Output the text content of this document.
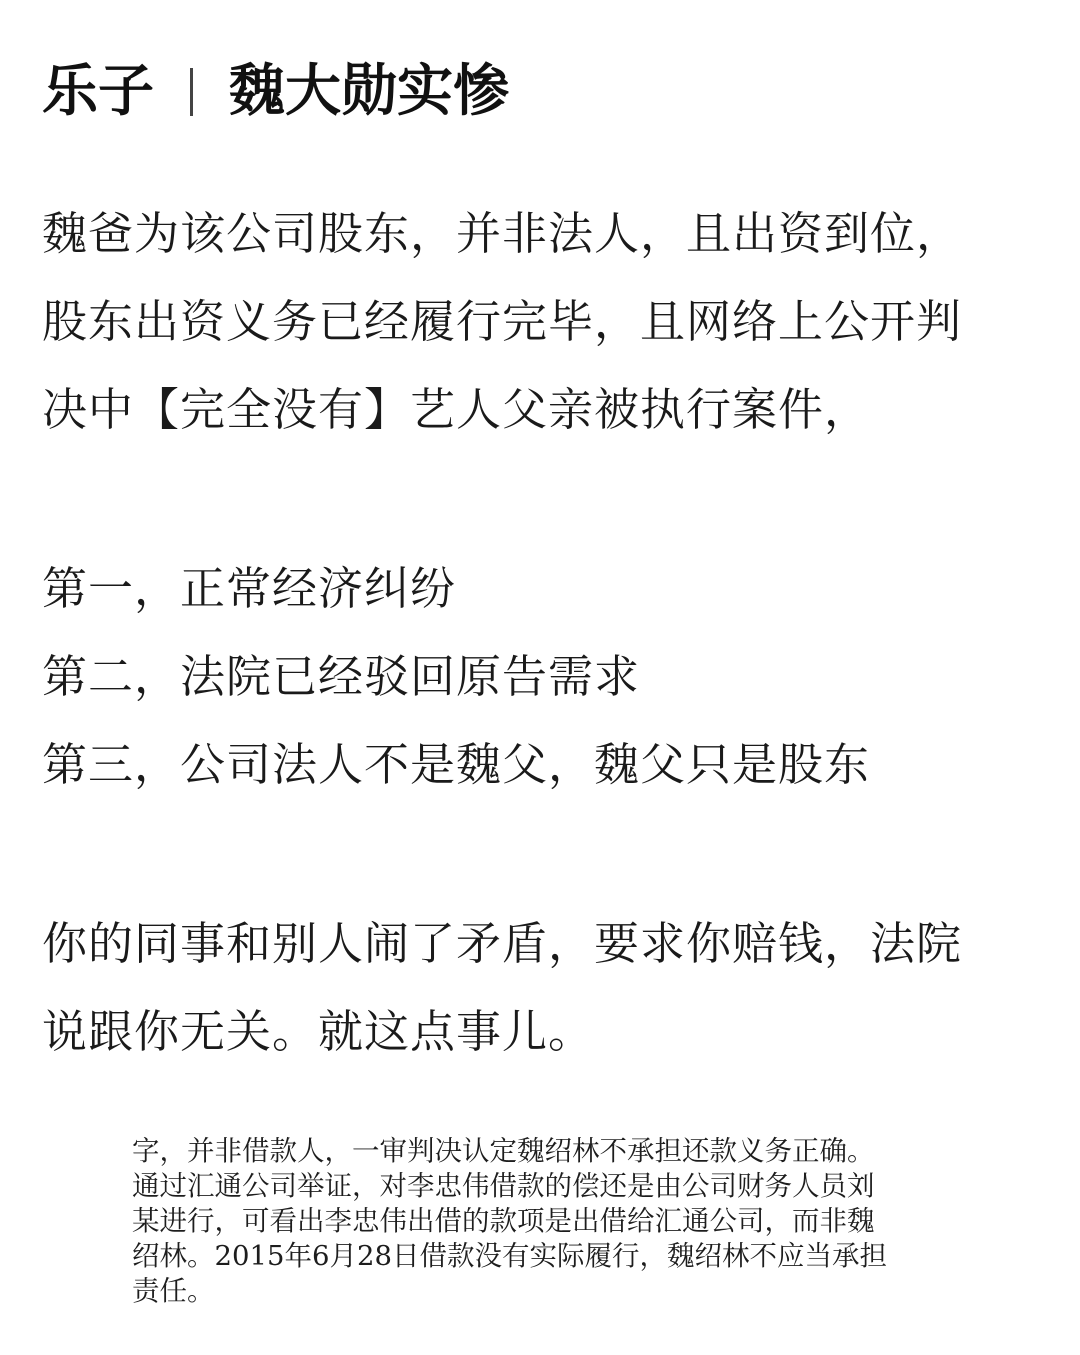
乐子 魏大勋实惨
魏爸为该公司股东，并非法人，且出资到位，
股东出资义务已经履行完毕，且网络上公开判
决中【完全没有】艺人父亲被执行案件，
第一，正常经济纠纷
第二，法院已经驳回原告需求
第三，公司法人不是魏父，魏父只是股东
你的同事和别人闹了矛盾，要求你赔钱，法院
说跟你无关。就这点事儿。
字，并非借款人，一审判决认定魏绍林不承担还款义务正确。
通过汇通公司举证，对李忠伟借款的偿还是由公司财务人员刘
某进行，可看出李忠伟出借的款项是出借给汇通公司，而非魏
绍林。2015年6月28日借款没有实际履行，魏绍林不应当承担
责任。
